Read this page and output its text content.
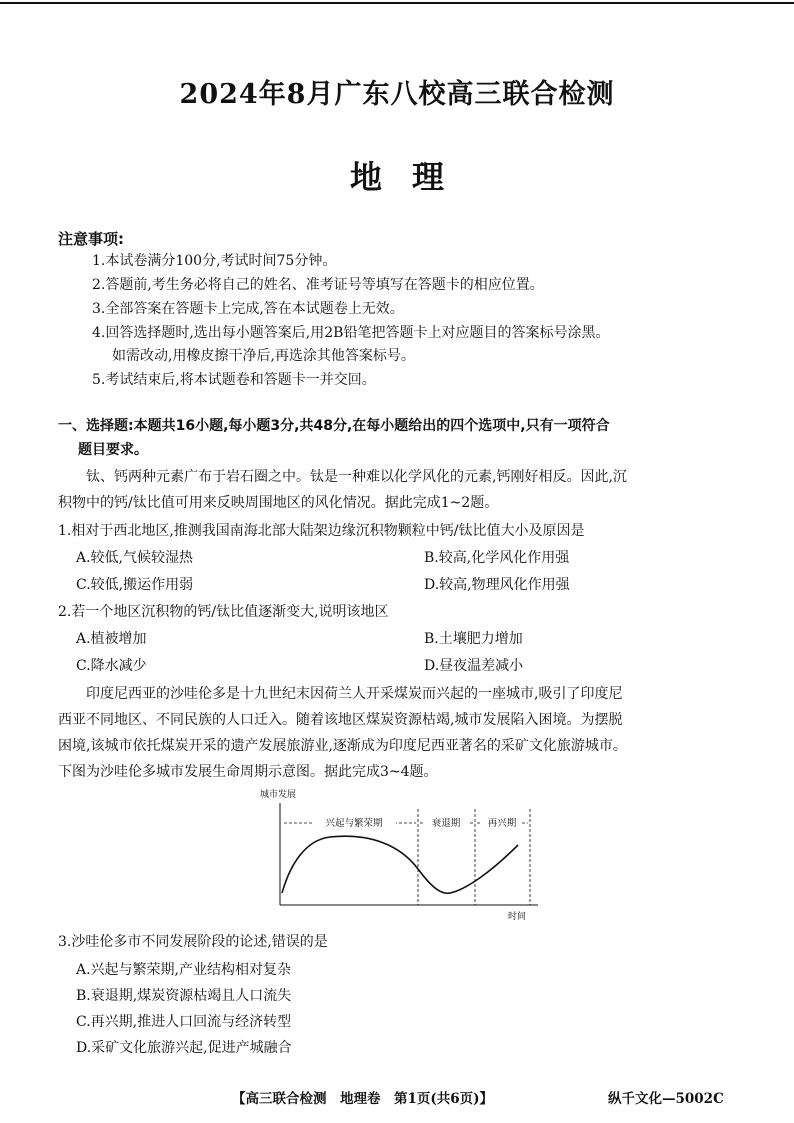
2024年8月广东八校高三联合检测
地理
注意事项:
1.本试卷满分100分,考试时间75分钟。
2.答题前,考生务必将自己的姓名、准考证号等填写在答题卡的相应位置。
3.全部答案在答题卡上完成,答在本试题卷上无效。
4.回答选择题时,选出每小题答案后,用2B铅笔把答题卡上对应题目的答案标号涂黑。
如需改动,用橡皮擦干净后,再选涂其他答案标号。
5.考试结束后,将本试题卷和答题卡一并交回。
一、选择题:本题共16小题,每小题3分,共48分,在每小题给出的四个选项中,只有一项符合
题目要求。
钛、钙两种元素广布于岩石圈之中。钛是一种难以化学风化的元素,钙刚好相反。因此,沉
积物中的钙/钛比值可用来反映周围地区的风化情况。据此完成1~2题。
1.相对于西北地区,推测我国南海北部大陆架边缘沉积物颗粒中钙/钛比值大小及原因是
A.较低,气候较湿热	B.较高,化学风化作用强
C.较低,搬运作用弱	D.较高,物理风化作用强
2.若一个地区沉积物的钙/钛比值逐渐变大,说明该地区
A.植被增加	B.土壤肥力增加
C.降水减少	D.昼夜温差减小
印度尼西亚的沙哇伦多是十九世纪末因荷兰人开采煤炭而兴起的一座城市,吸引了印度尼
西亚不同地区、不同民族的人口迁入。随着该地区煤炭资源枯竭,城市发展陷入困境。为摆脱
困境,该城市依托煤炭开采的遗产发展旅游业,逐渐成为印度尼西亚著名的采矿文化旅游城市。
下图为沙哇伦多城市发展生命周期示意图。据此完成3~4题。
城市发展
时间
兴起与繁荣期	衰退期	再兴期
3.沙哇伦多市不同发展阶段的论述,错误的是
A.兴起与繁荣期,产业结构相对复杂
B.衰退期,煤炭资源枯竭且人口流失
C.再兴期,推进人口回流与经济转型
D.采矿文化旅游兴起,促进产城融合
【高三联合检测　地理卷　第1页(共6页)】	纵千文化—5002C
